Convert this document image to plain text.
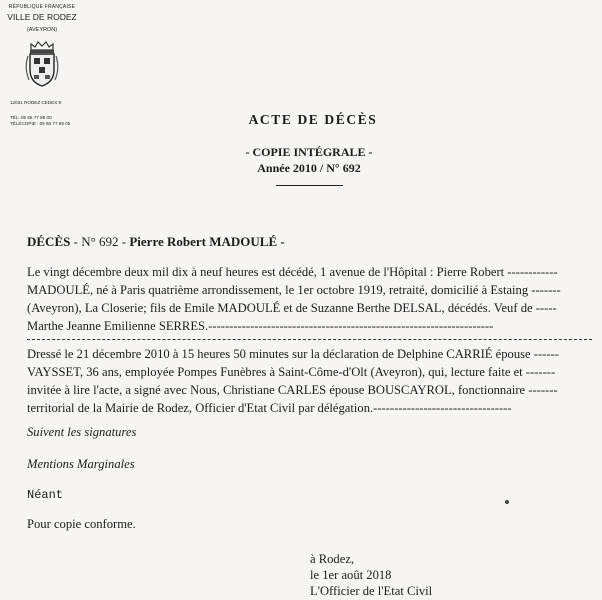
RÉPUBLIQUE FRANÇAISE
VILLE DE RODEZ
(AVEYRON)
12031 RODEZ CEDEX 9
TÉL. 05 65 77 88 00
TÉLÉCOPIE : 05 65 77 88 05	ACTE DE DÉCÈS
- COPIE INTÉGRALE -
Année 2010 / N° 692
DÉCÈS - N° 692 - Pierre Robert MADOULÉ -
Le vingt décembre deux mil dix à neuf heures est décédé, 1 avenue de l'Hôpital : Pierre Robert ------------
MADOULÉ, né à Paris quatrième arrondissement, le 1er octobre 1919, retraité, domicilié à Estaing -------
(Aveyron), La Closerie; fils de Emile MADOULÉ et de Suzanne Berthe DELSAL, décédés. Veuf de -----
Marthe Jeanne Emilienne SERRES.--------------------------------------------------------------------
Dressé le 21 décembre 2010 à 15 heures 50 minutes sur la déclaration de Delphine CARRIÉ épouse ------
VAYSSET, 36 ans, employée Pompes Funèbres à Saint-Côme-d'Olt (Aveyron), qui, lecture faite et -------
invitée à lire l'acte, a signé avec Nous, Christiane CARLES épouse BOUSCAYROL, fonctionnaire -------
territorial de la Mairie de Rodez, Officier d'Etat Civil par délégation.---------------------------------
Suivent les signatures
Mentions Marginales
Néant
Pour copie conforme.
à Rodez,
le 1er août 2018
L'Officier de l'Etat Civil
